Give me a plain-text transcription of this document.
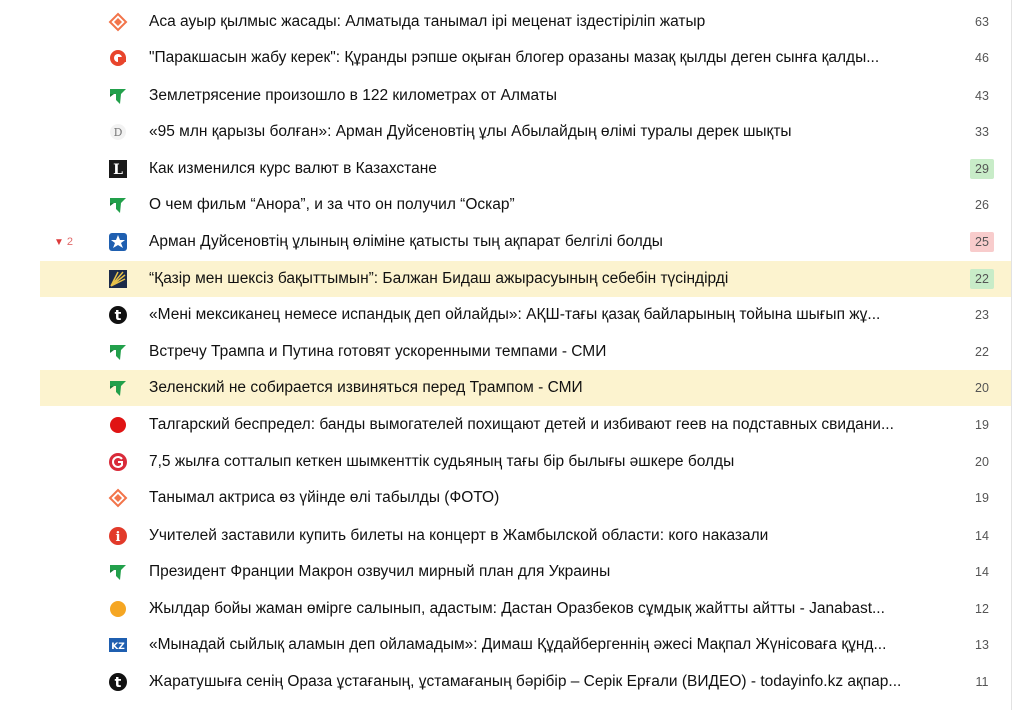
Аса ауыр қылмыс жасады: Алматыда танымал ірі меценат іздестіріліп жатыр	63
"Паракшасын жабу керек": Құранды рэпше оқыған блогер оразаны мазақ қылды деген сынға қалды...	46
Землетрясение произошло в 122 километрах от Алматы	43
D «95 млн қарызы болған»: Арман Дуйсеновтің ұлы Абылайдың өлімі туралы дерек шықты	33
L Как изменился курс валют в Казахстане	29
О чем фильм “Анора”, и за что он получил “Оскар”	26
▼ 2	Арман Дуйсеновтің ұлының өліміне қатысты тың ақпарат белгілі болды	25
“Қазір мен шексіз бақыттымын”: Балжан Бидаш ажырасуының себебін түсіндірді	22
t «Мені мексиканец немесе испандық деп ойлайды»: АҚШ-тағы қазақ байларының тойына шығып жұ...	23
Встречу Трампа и Путина готовят ускоренными темпами - СМИ	22
Зеленский не собирается извиняться перед Трампом - СМИ	20
Талгарский беспредел: банды вымогателей похищают детей и избивают геев на подставных свидани...	19
7,5 жылға сотталып кеткен шымкенттік судьяның тағы бір былығы әшкере болды	20
Танымал актриса өз үйінде өлі табылды (ФОТО)	19
i Учителей заставили купить билеты на концерт в Жамбылской области: кого наказали	14
Президент Франции Макрон озвучил мирный план для Украины	14
Жылдар бойы жаман өмірге салынып, адастым: Дастан Оразбеков сұмдық жайтты айтты - Janabast...	12
KZ «Мынадай сыйлық аламын деп ойламадым»: Димаш Құдайбергеннің әжесі Мақпал Жүнісоваға құнд...	13
t Жаратушыға сенің Ораза ұстағаның, ұстамағаның бәрібір – Серік Ерғали (ВИДЕО) - todayinfo.kz ақпар...	11
